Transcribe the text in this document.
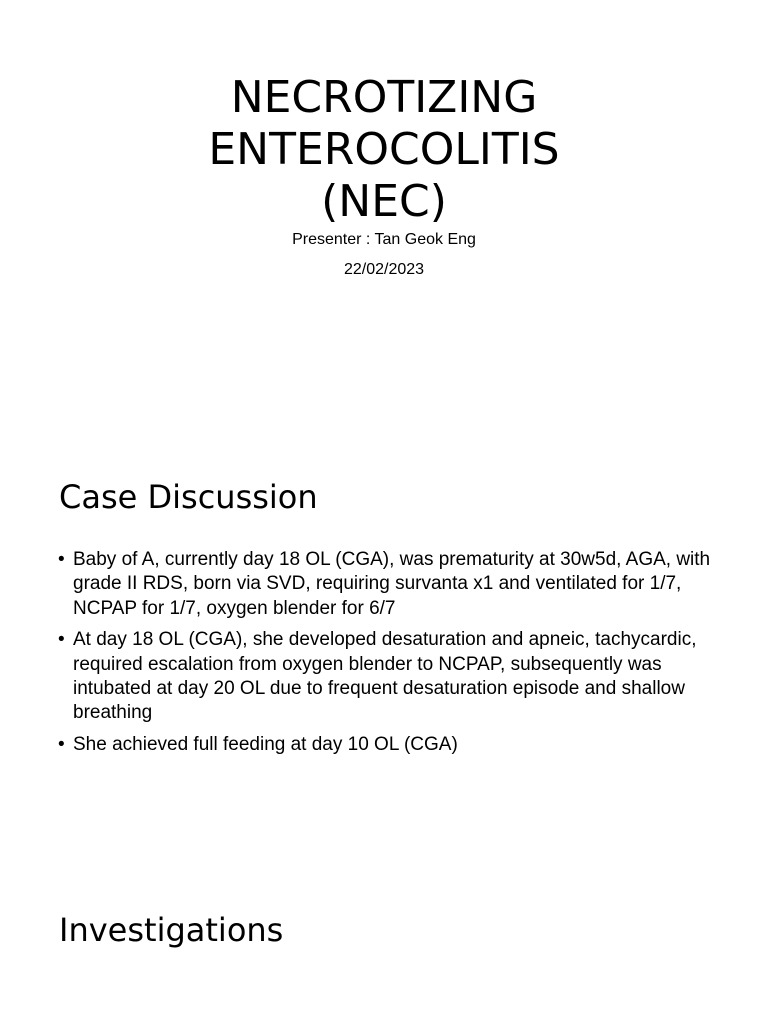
NECROTIZING
ENTEROCOLITIS
(NEC)

Presenter : Tan Geok Eng

22/02/2023

Case Discussion
• Baby of A, currently day 18 OL (CGA), was prematurity at 30w5d, AGA, with grade II RDS, born via SVD, requiring survanta x1 and ventilated for 1/7, NCPAP for 1/7, oxygen blender for 6/7
• At day 18 OL (CGA), she developed desaturation and apneic, tachycardic, required escalation from oxygen blender to NCPAP, subsequently was intubated at day 20 OL due to frequent desaturation episode and shallow breathing
• She achieved full feeding at day 10 OL (CGA)
Investigations
